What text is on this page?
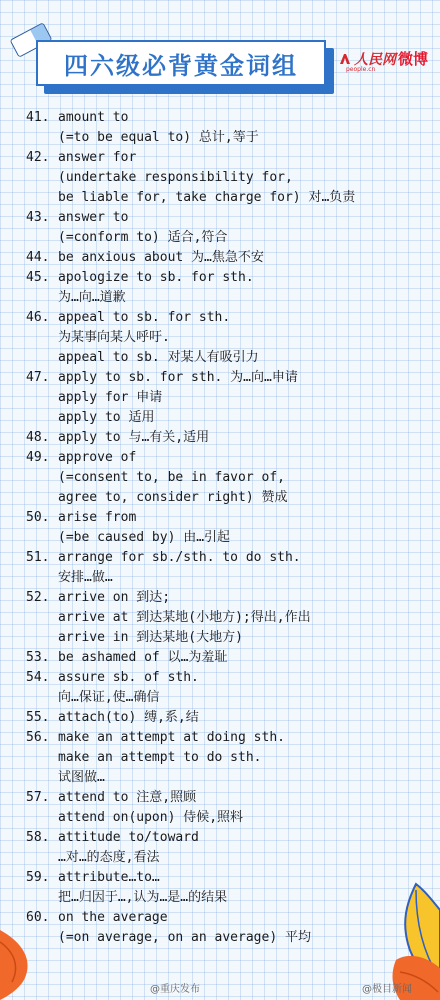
四六级必背黄金词组	人民网 微博
people.cn
41. amount to
(=to be equal to) 总计,等于
42. answer for
(undertake responsibility for,
be liable for, take charge for) 对…负责
43. answer to
(=conform to) 适合,符合
44. be anxious about 为…焦急不安
45. apologize to sb. for sth.
为…向…道歉
46. appeal to sb. for sth.
为某事向某人呼吁.
appeal to sb. 对某人有吸引力
47. apply to sb. for sth. 为…向…申请
apply for 申请
apply to 适用
48. apply to 与…有关,适用
49. approve of
(=consent to, be in favor of,
agree to, consider right) 赞成
50. arise from
(=be caused by) 由…引起
51. arrange for sb./sth. to do sth.
安排…做…
52. arrive on 到达;
arrive at 到达某地(小地方);得出,作出
arrive in 到达某地(大地方)
53. be ashamed of 以…为羞耻
54. assure sb. of sth.
向…保证,使…确信
55. attach(to) 缚,系,结
56. make an attempt at doing sth.
make an attempt to do sth.
试图做…
57. attend to 注意,照顾
attend on(upon) 侍候,照料
58. attitude to/toward
…对…的态度,看法
59. attribute…to…
把…归因于…,认为…是…的结果
60. on the average
(=on average, on an average) 平均
@重庆发布	@极目新闻
